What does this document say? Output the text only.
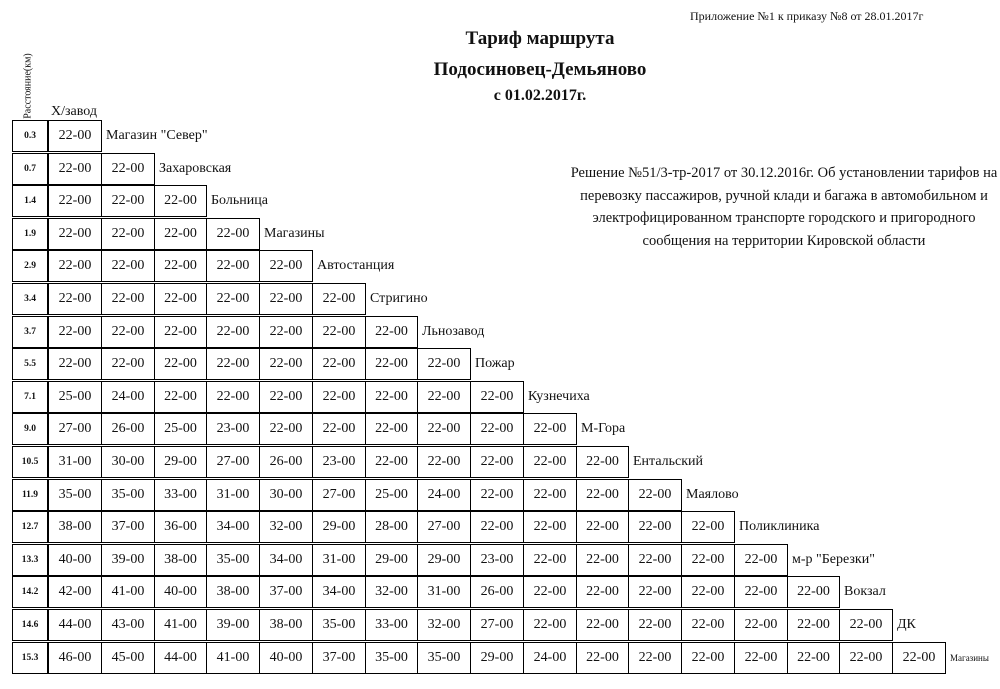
Приложение №1 к приказу №8 от 28.01.2017г
Тариф маршрута
Подосиновец-Демьяново
с 01.02.2017г.
Решение №51/3-тр-2017 от 30.12.2016г. Об установлении тарифов на перевозку пассажиров, ручной клади и багажа в автомобильном и электрофицированном транспорте городского и пригородного сообщения на территории Кировской области
Расстояние(км) Х/завод
0.3	22-00	Магазин "Север"
0.7	22-00	22-00	Захаровская
1.4	22-00	22-00	22-00	Больница
1.9	22-00	22-00	22-00	22-00	Магазины
2.9	22-00	22-00	22-00	22-00	22-00	Автостанция
3.4	22-00	22-00	22-00	22-00	22-00	22-00	Стригино
3.7	22-00	22-00	22-00	22-00	22-00	22-00	22-00	Льнозавод
5.5	22-00	22-00	22-00	22-00	22-00	22-00	22-00	22-00	Пожар
7.1	25-00	24-00	22-00	22-00	22-00	22-00	22-00	22-00	22-00	Кузнечиха
9.0	27-00	26-00	25-00	23-00	22-00	22-00	22-00	22-00	22-00	22-00	М-Гора
10.5	31-00	30-00	29-00	27-00	26-00	23-00	22-00	22-00	22-00	22-00	22-00	Ентальский
11.9	35-00	35-00	33-00	31-00	30-00	27-00	25-00	24-00	22-00	22-00	22-00	22-00	Маялово
12.7	38-00	37-00	36-00	34-00	32-00	29-00	28-00	27-00	22-00	22-00	22-00	22-00	22-00	Поликлиника
13.3	40-00	39-00	38-00	35-00	34-00	31-00	29-00	29-00	23-00	22-00	22-00	22-00	22-00	22-00	м-р "Березки"
14.2	42-00	41-00	40-00	38-00	37-00	34-00	32-00	31-00	26-00	22-00	22-00	22-00	22-00	22-00	22-00	Вокзал
14.6	44-00	43-00	41-00	39-00	38-00	35-00	33-00	32-00	27-00	22-00	22-00	22-00	22-00	22-00	22-00	22-00	ДК
15.3	46-00	45-00	44-00	41-00	40-00	37-00	35-00	35-00	29-00	24-00	22-00	22-00	22-00	22-00	22-00	22-00	22-00	Магазины
